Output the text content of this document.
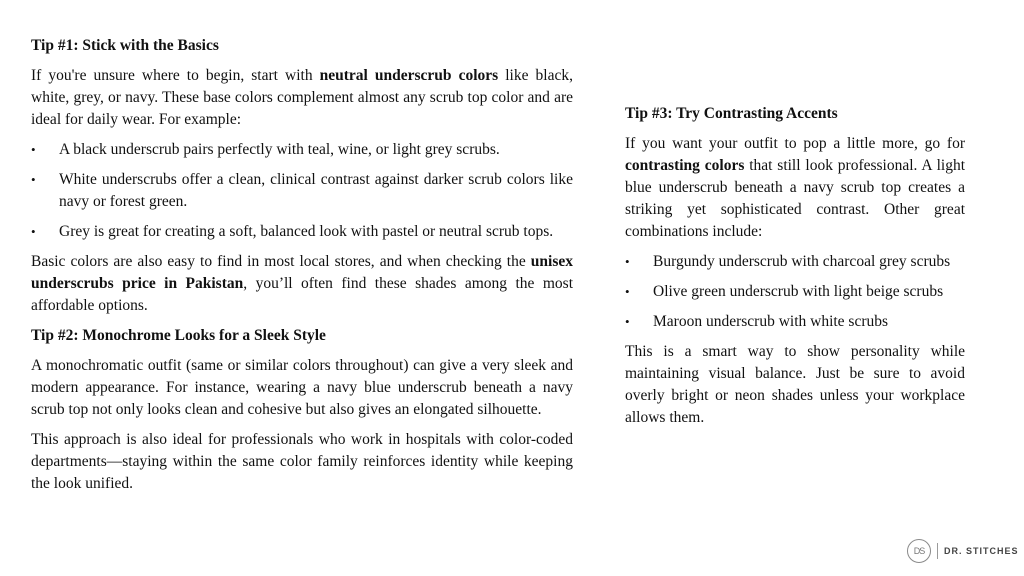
Tip #1: Stick with the Basics

If you're unsure where to begin, start with neutral underscrub colors like black, white, grey, or navy. These base colors complement almost any scrub top color and are ideal for daily wear. For example:

• A black underscrub pairs perfectly with teal, wine, or light grey scrubs.
• White underscrubs offer a clean, clinical contrast against darker scrub colors like navy or forest green.
• Grey is great for creating a soft, balanced look with pastel or neutral scrub tops.

Basic colors are also easy to find in most local stores, and when checking the unisex underscrubs price in Pakistan, you’ll often find these shades among the most affordable options.

Tip #2: Monochrome Looks for a Sleek Style

A monochromatic outfit (same or similar colors throughout) can give a very sleek and modern appearance. For instance, wearing a navy blue underscrub beneath a navy scrub top not only looks clean and cohesive but also gives an elongated silhouette.

This approach is also ideal for professionals who work in hospitals with color-coded departments—staying within the same color family reinforces identity while keeping the look unified.

Tip #3: Try Contrasting Accents

If you want your outfit to pop a little more, go for contrasting colors that still look professional. A light blue underscrub beneath a navy scrub top creates a striking yet sophisticated contrast. Other great combinations include:

• Burgundy underscrub with charcoal grey scrubs
• Olive green underscrub with light beige scrubs
• Maroon underscrub with white scrubs

This is a smart way to show personality while maintaining visual balance. Just be sure to avoid overly bright or neon shades unless your workplace allows them.

DS	DR. STITCHES
